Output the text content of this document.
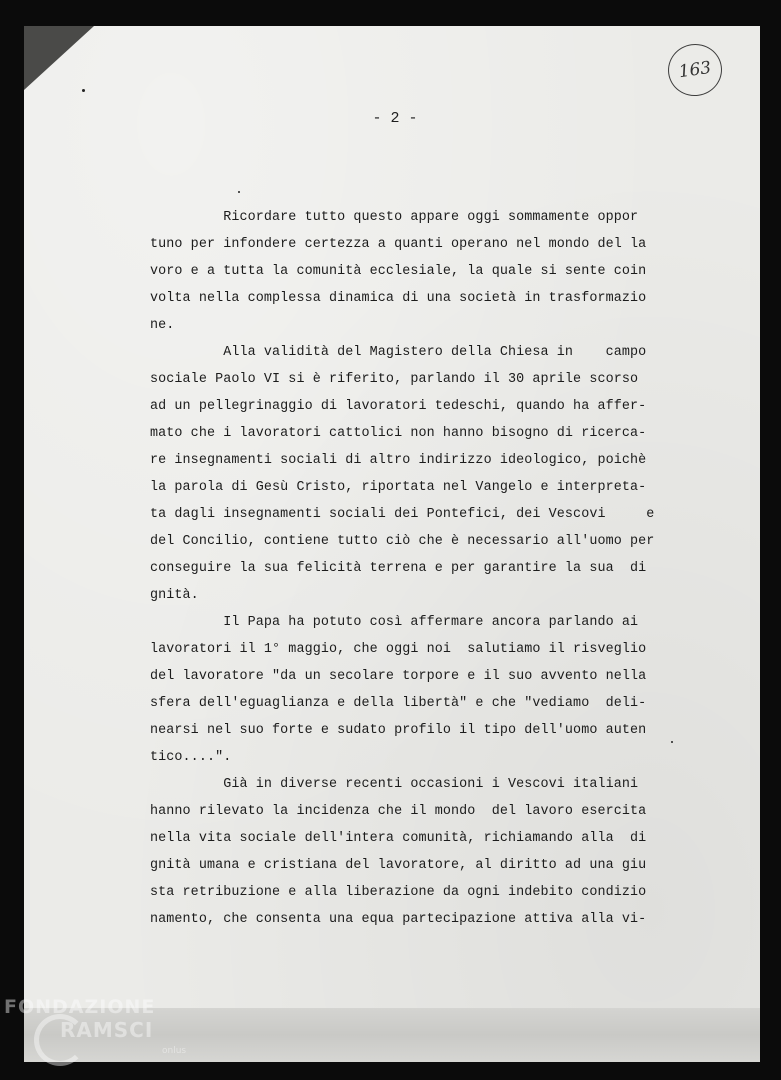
163
- 2 -
Ricordare tutto questo appare oggi sommamente oppor
tuno per infondere certezza a quanti operano nel mondo del la
voro e a tutta la comunità ecclesiale, la quale si sente coin
volta nella complessa dinamica di una società in trasformazio
ne.
Alla validità del Magistero della Chiesa in    campo
sociale Paolo VI si è riferito, parlando il 30 aprile scorso
ad un pellegrinaggio di lavoratori tedeschi, quando ha affer-
mato che i lavoratori cattolici non hanno bisogno di ricerca-
re insegnamenti sociali di altro indirizzo ideologico, poichè
la parola di Gesù Cristo, riportata nel Vangelo e interpreta-
ta dagli insegnamenti sociali dei Pontefici, dei Vescovi     e
del Concilio, contiene tutto ciò che è necessario all'uomo per
conseguire la sua felicità terrena e per garantire la sua  di
gnità.
Il Papa ha potuto così affermare ancora parlando ai
lavoratori il 1° maggio, che oggi noi  salutiamo il risveglio
del lavoratore "da un secolare torpore e il suo avvento nella
sfera dell'eguaglianza e della libertà" e che "vediamo  deli-
nearsi nel suo forte e sudato profilo il tipo dell'uomo auten
tico....".
Già in diverse recenti occasioni i Vescovi italiani
hanno rilevato la incidenza che il mondo  del lavoro esercita
nella vita sociale dell'intera comunità, richiamando alla  di
gnità umana e cristiana del lavoratore, al diritto ad una giu
sta retribuzione e alla liberazione da ogni indebito condizio
namento, che consenta una equa partecipazione attiva alla vi-
FONDAZIONE
RAMSCI
onlus
